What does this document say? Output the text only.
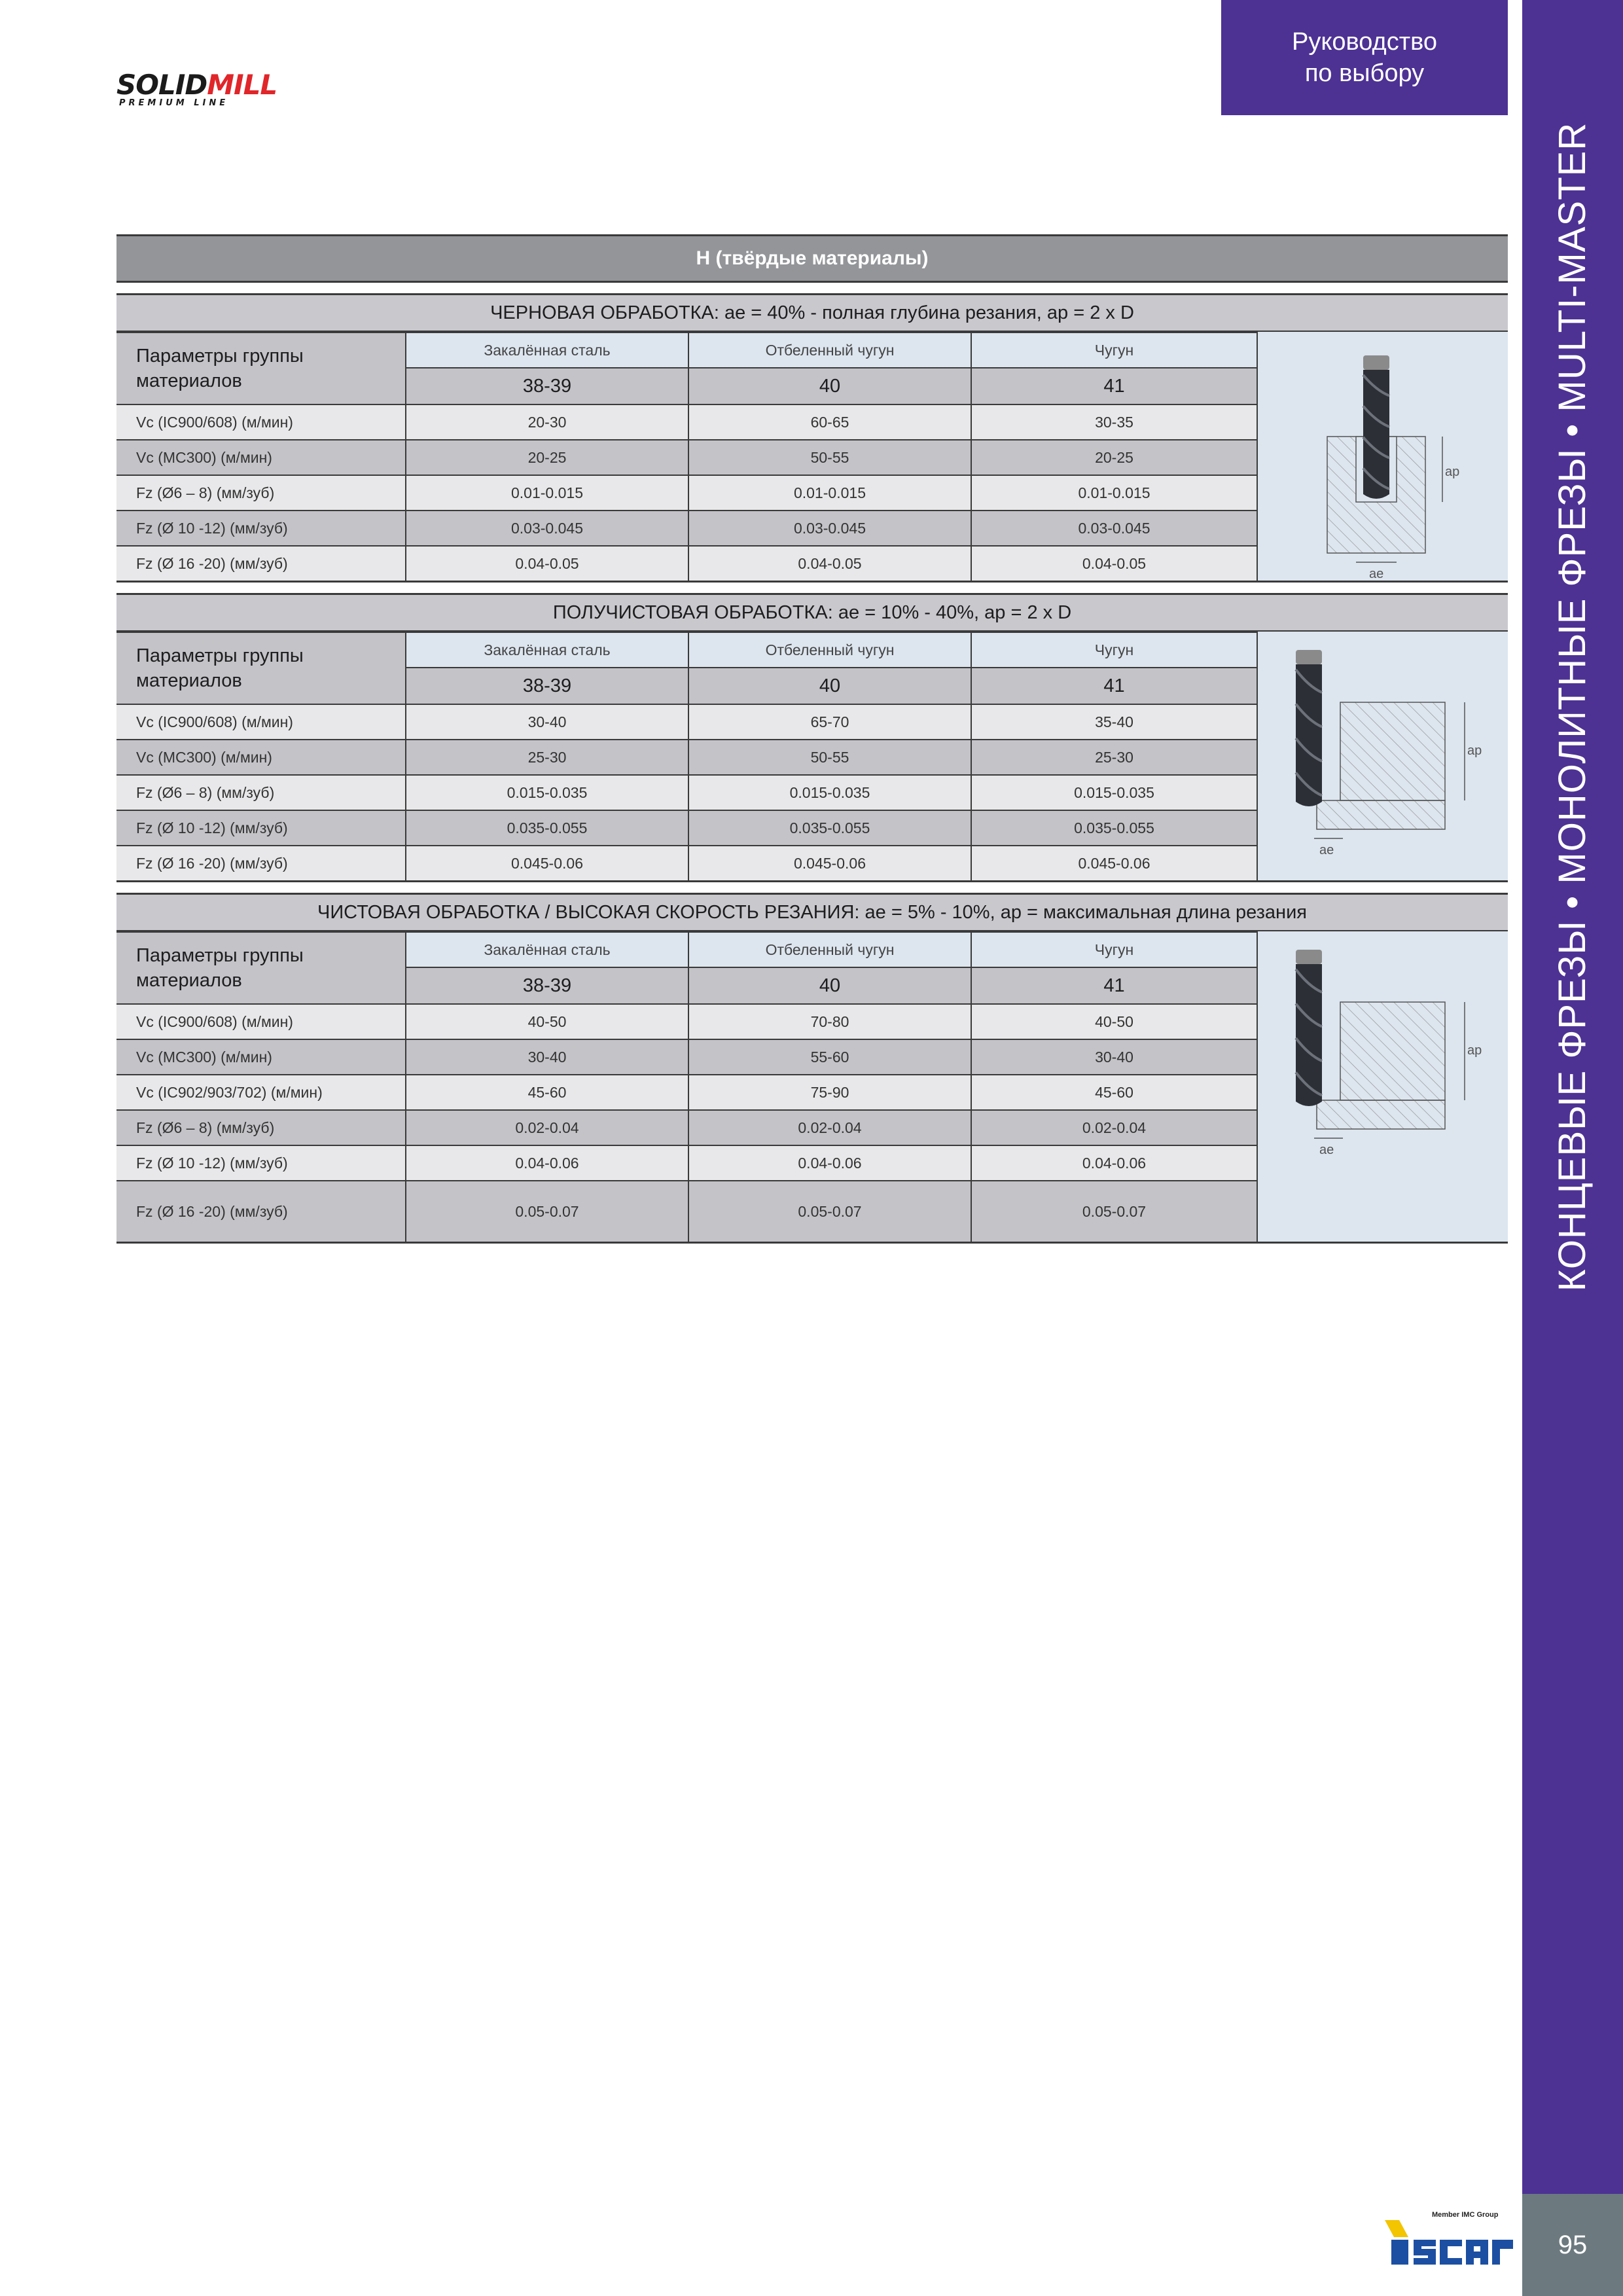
КОНЦЕВЫЕ ФРЕЗЫ • МОНОЛИТНЫЕ ФРЕЗЫ • MULTI-MASTER
95
Руководство
по выбору
SOLIDMILL
PREMIUM LINE
H (твёрдые материалы)
ЧЕРНОВАЯ ОБРАБОТКА: ae = 40% - полная глубина резания, ap = 2 x D
Параметры группы материалов	Закалённая сталь	Отбеленный чугун	Чугун
	38-39	40	41
Vc (IC900/608) (м/мин)	20-30	60-65	30-35
Vc (MC300) (м/мин)	20-25	50-55	20-25
Fz (Ø6 – 8) (мм/зуб)	0.01-0.015	0.01-0.015	0.01-0.015
Fz (Ø 10 -12) (мм/зуб)	0.03-0.045	0.03-0.045	0.03-0.045
Fz (Ø 16 -20) (мм/зуб)	0.04-0.05	0.04-0.05	0.04-0.05
ap
ae
ПОЛУЧИСТОВАЯ ОБРАБОТКА: ae = 10% - 40%, ap = 2 x D
Параметры группы материалов	Закалённая сталь	Отбеленный чугун	Чугун
	38-39	40	41
Vc (IC900/608) (м/мин)	30-40	65-70	35-40
Vc (MC300) (м/мин)	25-30	50-55	25-30
Fz (Ø6 – 8) (мм/зуб)	0.015-0.035	0.015-0.035	0.015-0.035
Fz (Ø 10 -12) (мм/зуб)	0.035-0.055	0.035-0.055	0.035-0.055
Fz (Ø 16 -20) (мм/зуб)	0.045-0.06	0.045-0.06	0.045-0.06
ap
ae
ЧИСТОВАЯ ОБРАБОТКА / ВЫСОКАЯ СКОРОСТЬ РЕЗАНИЯ: ae = 5% - 10%, ap = максимальная длина резания
Параметры группы материалов	Закалённая сталь	Отбеленный чугун	Чугун
	38-39	40	41
Vc (IC900/608) (м/мин)	40-50	70-80	40-50
Vc (MC300) (м/мин)	30-40	55-60	30-40
Vc (IC902/903/702) (м/мин)	45-60	75-90	45-60
Fz (Ø6 – 8) (мм/зуб)	0.02-0.04	0.02-0.04	0.02-0.04
Fz (Ø 10 -12) (мм/зуб)	0.04-0.06	0.04-0.06	0.04-0.06
Fz (Ø 16 -20) (мм/зуб)	0.05-0.07	0.05-0.07	0.05-0.07
ap
ae
Member IMC Group
